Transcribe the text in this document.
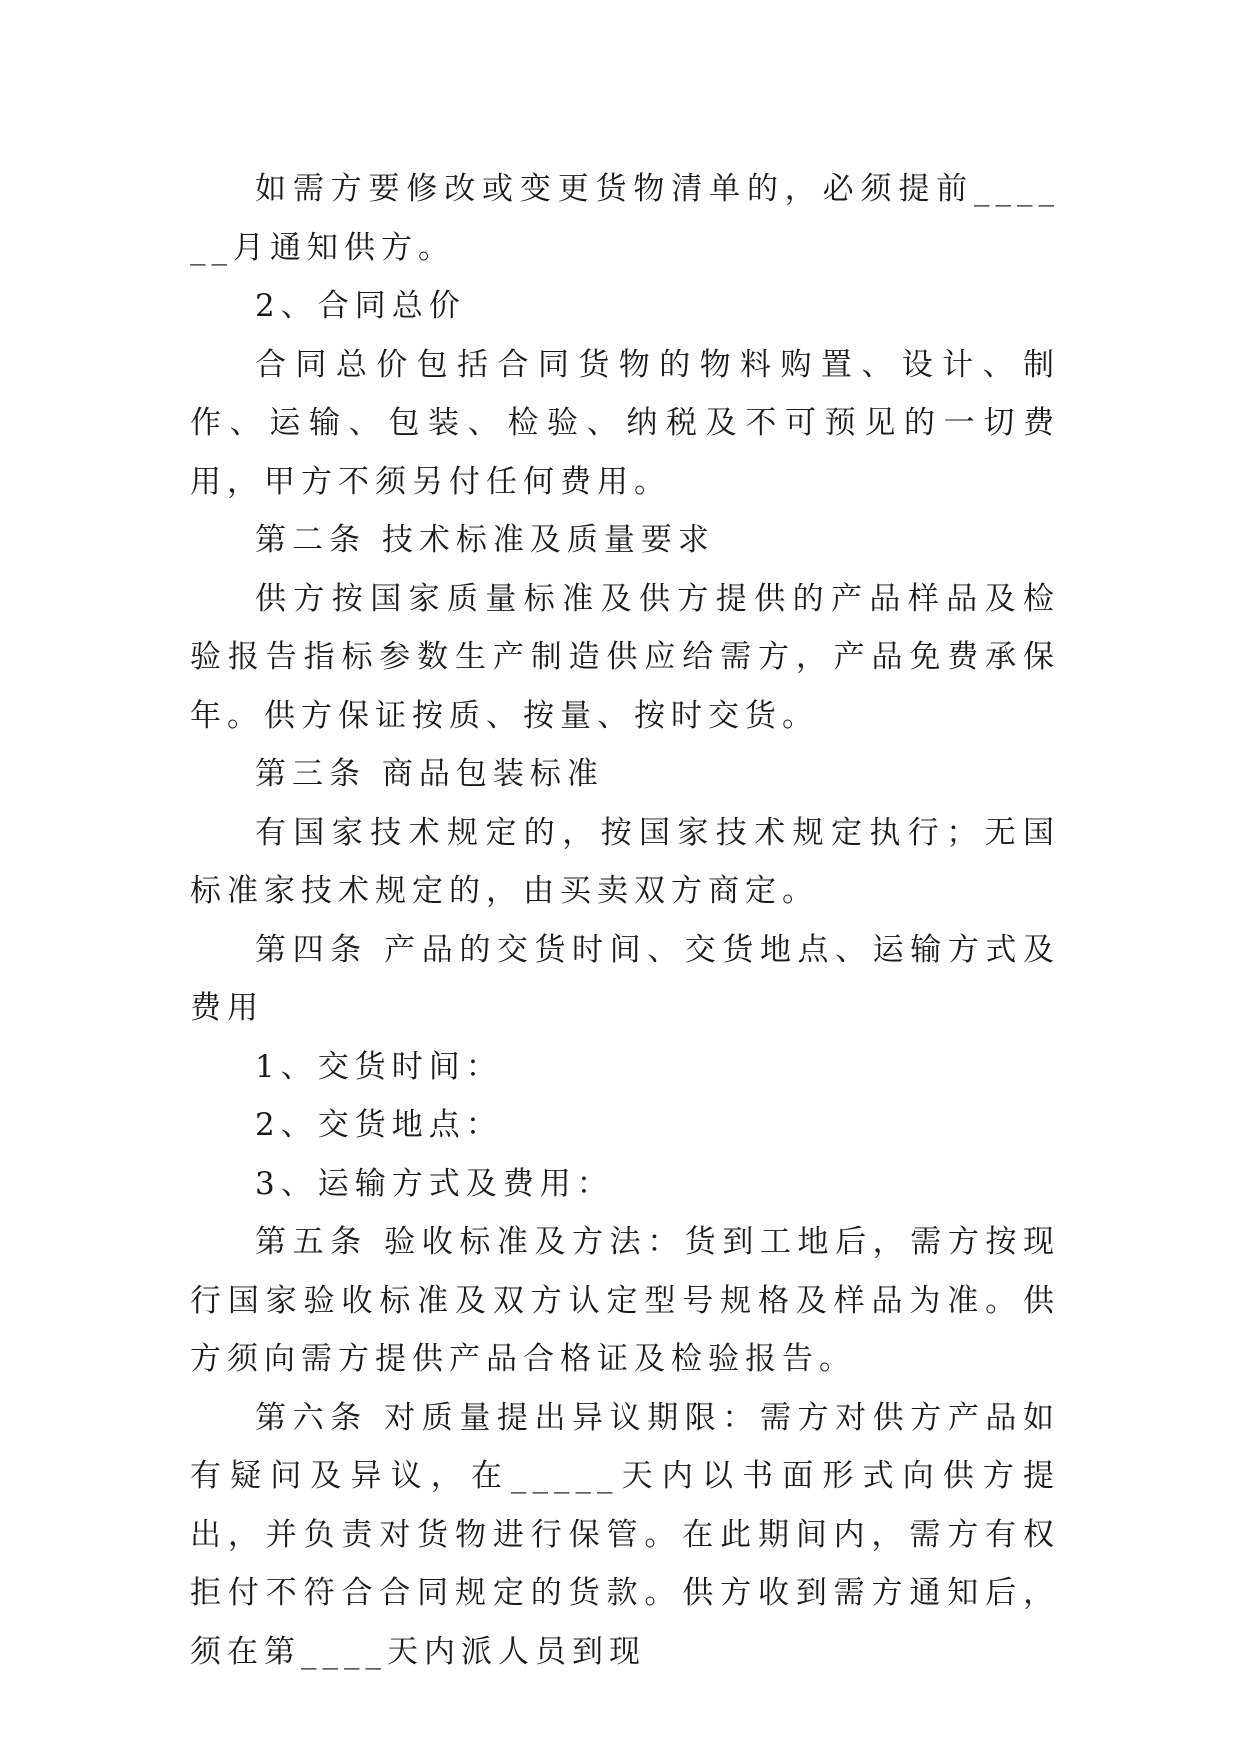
如需方要修改或变更货物清单的，必须提前______月通知供方。

2、合同总价

合同总价包括合同货物的物料购置、设计、制作、运输、包装、检验、纳税及不可预见的一切费用，甲方不须另付任何费用。

第二条 技术标准及质量要求

供方按国家质量标准及供方提供的产品样品及检验报告指标参数生产制造供应给需方，产品免费承保年。供方保证按质、按量、按时交货。

第三条 商品包装标准

有国家技术规定的，按国家技术规定执行；无国标准家技术规定的，由买卖双方商定。

第四条 产品的交货时间、交货地点、运输方式及费用

1、交货时间：

2、交货地点：

3、运输方式及费用：

第五条 验收标准及方法：货到工地后，需方按现行国家验收标准及双方认定型号规格及样品为准。供方须向需方提供产品合格证及检验报告。

第六条 对质量提出异议期限：需方对供方产品如有疑问及异议，在_____天内以书面形式向供方提出，并负责对货物进行保管。在此期间内，需方有权拒付不符合合同规定的货款。供方收到需方通知后，须在第____天内派人员到现
